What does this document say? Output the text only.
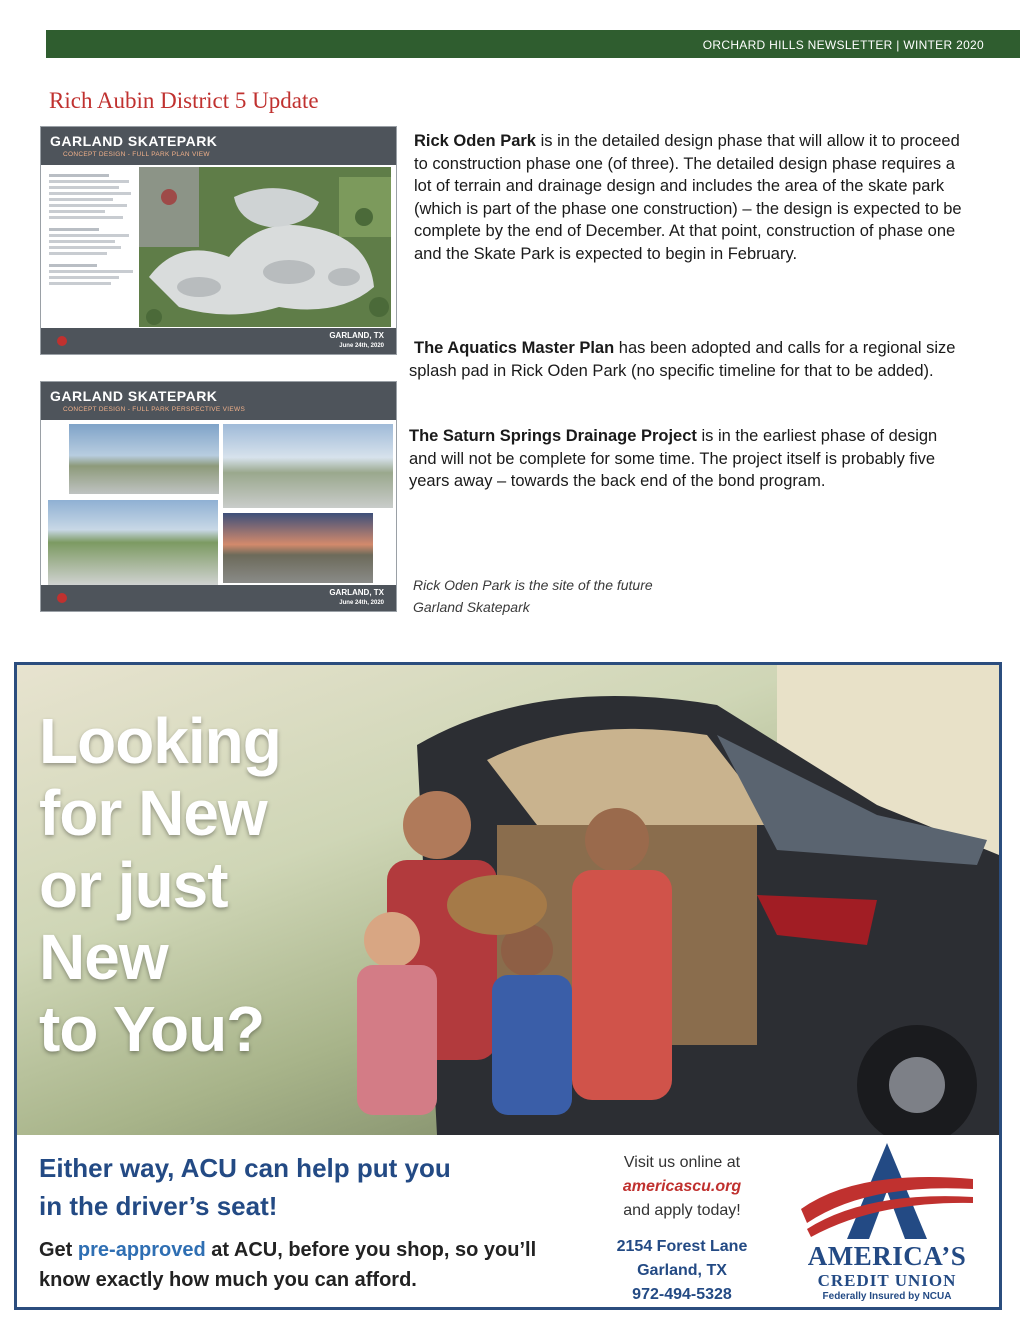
ORCHARD HILLS NEWSLETTER | WINTER 2020
Rich Aubin District 5 Update
GARLAND SKATEPARK
CONCEPT DESIGN - FULL PARK PLAN VIEW
GARLAND, TX
June 24th, 2020
GARLAND SKATEPARK
CONCEPT DESIGN - FULL PARK PERSPECTIVE VIEWS
GARLAND, TX
June 24th, 2020

Rick Oden Park is in the detailed design phase that will allow it to proceed to construction phase one (of three). The detailed design phase requires a lot of terrain and drainage design and includes the area of the skate park (which is part of the phase one construction) – the design is expected to be complete by the end of December. At that point, construction of phase one and the Skate Park is expected to begin in February.

The Aquatics Master Plan has been adopted and calls for a regional size splash pad in Rick Oden Park (no specific timeline for that to be added).

The Saturn Springs Drainage Project is in the earliest phase of design and will not be complete for some time. The project itself is probably five years away – towards the back end of the bond program.

Rick Oden Park is the site of the future Garland Skatepark

Looking
for New
or just
New
to You?

Either way, ACU can help put you
in the driver’s seat!

Get pre-approved at ACU, before you shop, so you’ll know exactly how much you can afford.

Visit us online at
americascu.org
and apply today!

2154 Forest Lane
Garland, TX
972-494-5328

AMERICA’S
CREDIT UNION
Federally Insured by NCUA
